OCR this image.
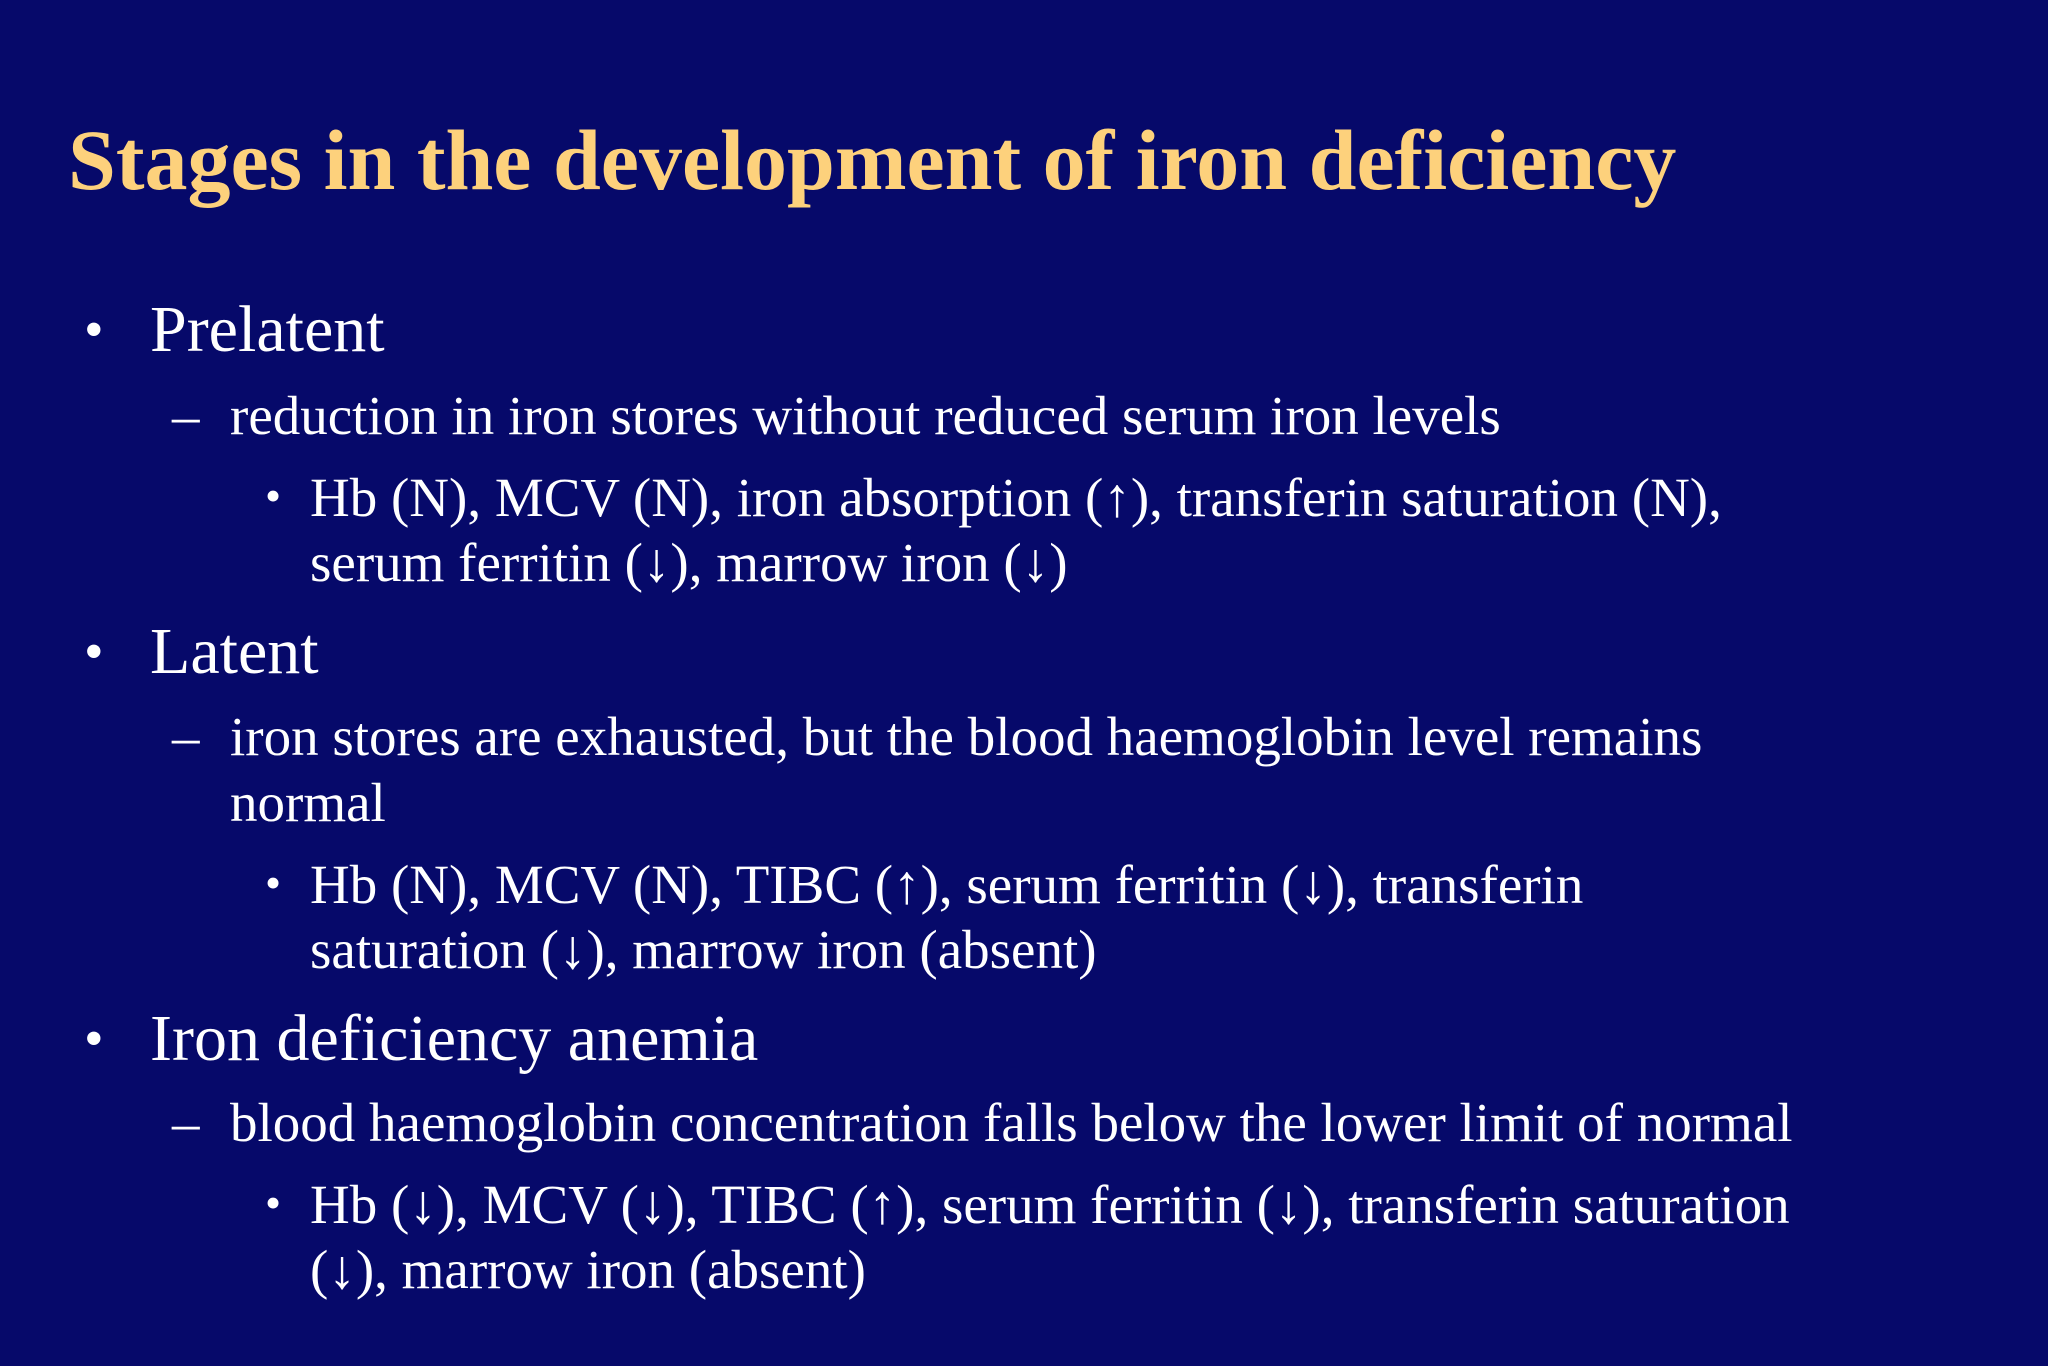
Stages in the development of iron deficiency
• Prelatent
– reduction in iron stores without reduced serum iron levels
• Hb (N), MCV (N), iron absorption (↑), transferin saturation (N),
serum ferritin (↓), marrow iron (↓)
• Latent
– iron stores are exhausted, but the blood haemoglobin level remains
normal
• Hb (N), MCV (N), TIBC (↑), serum ferritin (↓), transferin
saturation (↓), marrow iron (absent)
• Iron deficiency anemia
– blood haemoglobin concentration falls below the lower limit of normal
• Hb (↓), MCV (↓), TIBC (↑), serum ferritin (↓), transferin saturation
(↓), marrow iron (absent)
